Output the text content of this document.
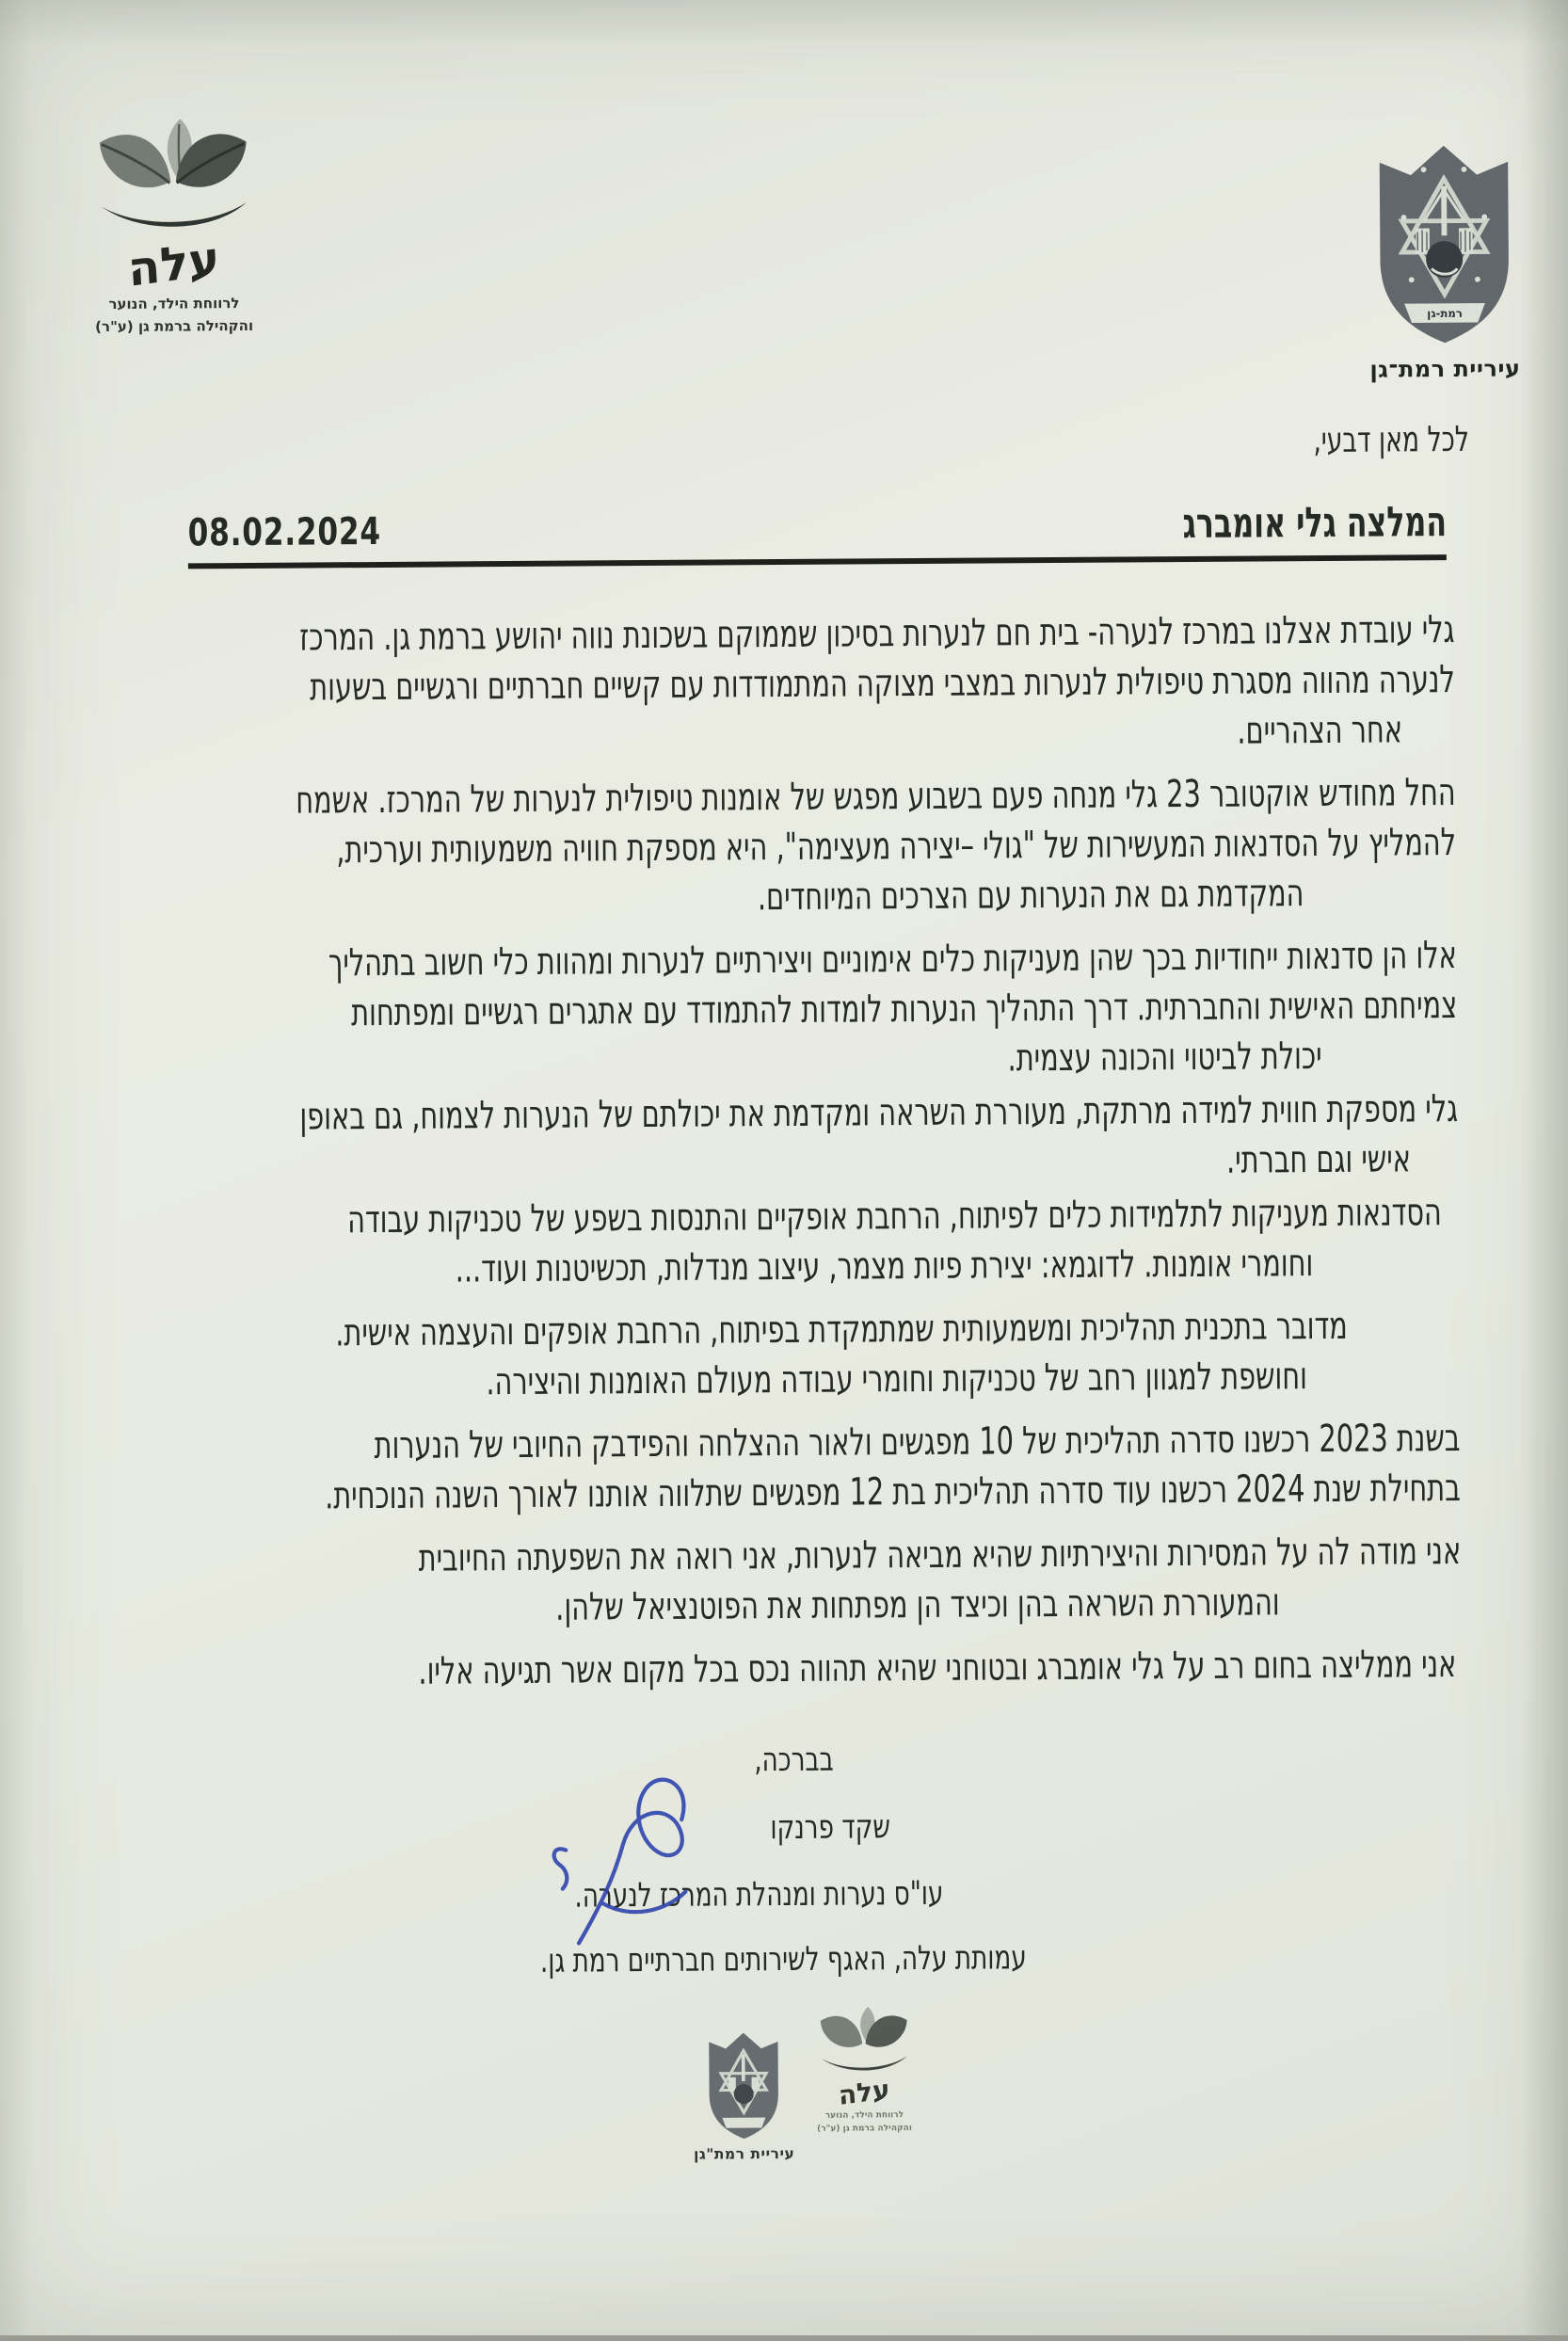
עלה
לרווחת הילד, הנוער
והקהילה ברמת גן (ע"ר)
רמת-גן
עיריית רמת־גן
לכל מאן דבעי,
המלצה גלי אומברג
08.02.2024

גלי עובדת אצלנו במרכז לנערה- בית חם לנערות בסיכון שממוקם בשכונת נווה יהושע ברמת גן. המרכז
לנערה מהווה מסגרת טיפולית לנערות במצבי מצוקה המתמודדות עם קשיים חברתיים ורגשיים בשעות
אחר הצהריים.

החל מחודש אוקטובר 23 גלי מנחה פעם בשבוע מפגש של אומנות טיפולית לנערות של המרכז. אשמח
להמליץ על הסדנאות המעשירות של "גולי –יצירה מעצימה", היא מספקת חוויה משמעותית וערכית,
המקדמת גם את הנערות עם הצרכים המיוחדים.

אלו הן סדנאות ייחודיות בכך שהן מעניקות כלים אימוניים ויצירתיים לנערות ומהוות כלי חשוב בתהליך
צמיחתם האישית והחברתית. דרך התהליך הנערות לומדות להתמודד עם אתגרים רגשיים ומפתחות
יכולת לביטוי והכונה עצמית.

גלי מספקת חווית למידה מרתקת, מעוררת השראה ומקדמת את יכולתם של הנערות לצמוח, גם באופן
אישי וגם חברתי.

הסדנאות מעניקות לתלמידות כלים לפיתוח, הרחבת אופקיים והתנסות בשפע של טכניקות עבודה
וחומרי אומנות. לדוגמא: יצירת פיות מצמר, עיצוב מנדלות, תכשיטנות ועוד...

מדובר בתכנית תהליכית ומשמעותית שמתמקדת בפיתוח, הרחבת אופקים והעצמה אישית.
וחושפת למגוון רחב של טכניקות וחומרי עבודה מעולם האומנות והיצירה.

בשנת 2023 רכשנו סדרה תהליכית של 10 מפגשים ולאור ההצלחה והפידבק החיובי של הנערות
בתחילת שנת 2024 רכשנו עוד סדרה תהליכית בת 12 מפגשים שתלווה אותנו לאורך השנה הנוכחית.

אני מודה לה על המסירות והיצירתיות שהיא מביאה לנערות, אני רואה את השפעתה החיובית
והמעוררת השראה בהן וכיצד הן מפתחות את הפוטנציאל שלהן.

אני ממליצה בחום רב על גלי אומברג ובטוחני שהיא תהווה נכס בכל מקום אשר תגיעה אליו.

בברכה,
שקד פרנקו
עו"ס נערות ומנהלת המרכז לנערה.
עמותת עלה, האגף לשירותים חברתיים רמת גן.
עיריית רמת"גן
עלה
לרווחת הילד, הנוער
והקהילה ברמת גן (ע"ר)
